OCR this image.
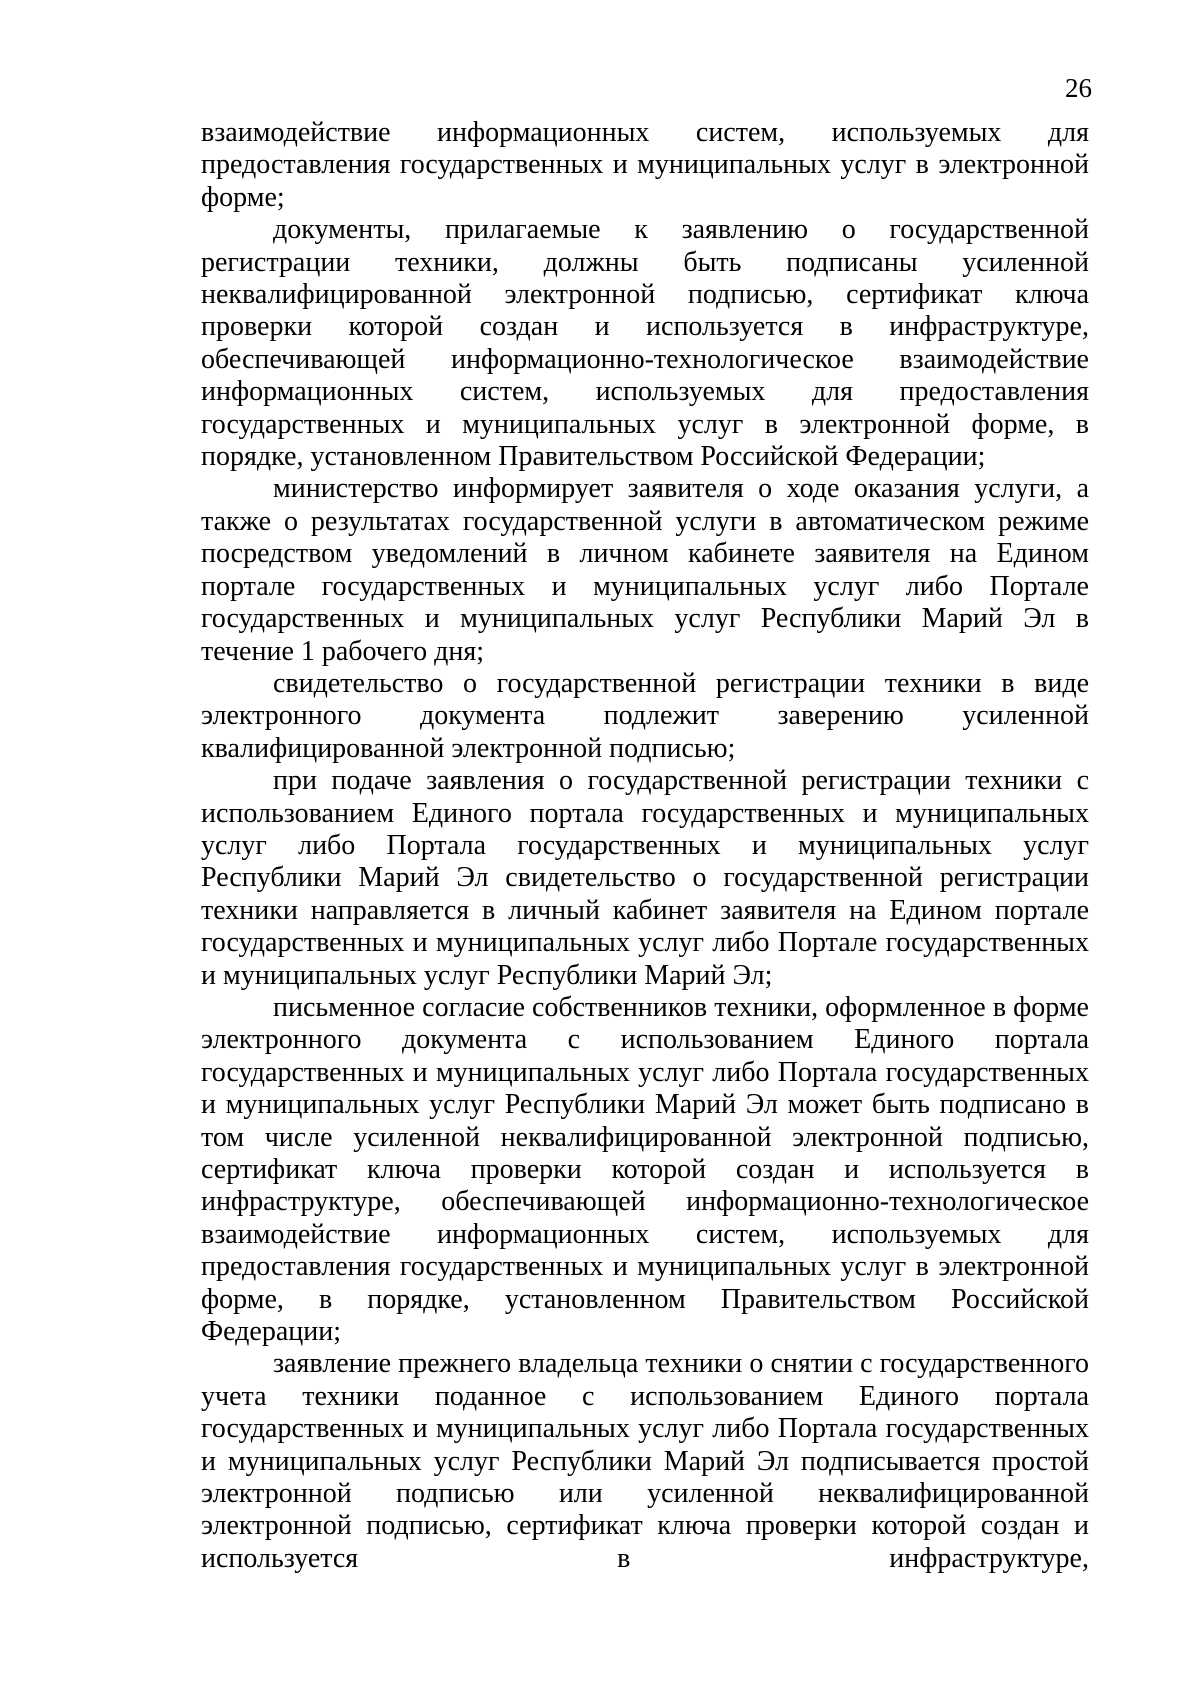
26

взаимодействие информационных систем, используемых для предоставления государственных и муниципальных услуг в электронной форме;

документы, прилагаемые к заявлению о государственной регистрации техники, должны быть подписаны усиленной неквалифицированной электронной подписью, сертификат ключа проверки которой создан и используется в инфраструктуре, обеспечивающей информационно-технологическое взаимодействие информационных систем, используемых для предоставления государственных и муниципальных услуг в электронной форме, в порядке, установленном Правительством Российской Федерации;

министерство информирует заявителя о ходе оказания услуги, а также о результатах государственной услуги в автоматическом режиме посредством уведомлений в личном кабинете заявителя на Едином портале государственных и муниципальных услуг либо Портале государственных и муниципальных услуг Республики Марий Эл в течение 1 рабочего дня;

свидетельство о государственной регистрации техники в виде электронного документа подлежит заверению усиленной квалифицированной электронной подписью;

при подаче заявления о государственной регистрации техники с использованием Единого портала государственных и муниципальных услуг либо Портала государственных и муниципальных услуг Республики Марий Эл свидетельство о государственной регистрации техники направляется в личный кабинет заявителя на Едином портале государственных и муниципальных услуг либо Портале государственных и муниципальных услуг Республики Марий Эл;

письменное согласие собственников техники, оформленное в форме электронного документа с использованием Единого портала государственных и муниципальных услуг либо Портала государственных и муниципальных услуг Республики Марий Эл может быть подписано в том числе усиленной неквалифицированной электронной подписью, сертификат ключа проверки которой создан и используется в инфраструктуре, обеспечивающей информационно-технологическое взаимодействие информационных систем, используемых для предоставления государственных и муниципальных услуг в электронной форме, в порядке, установленном Правительством Российской Федерации;

заявление прежнего владельца техники о снятии с государственного учета техники поданное с использованием Единого портала государственных и муниципальных услуг либо Портала государственных и муниципальных услуг Республики Марий Эл подписывается простой электронной подписью или усиленной неквалифицированной электронной подписью, сертификат ключа проверки которой создан и используется в инфраструктуре,
